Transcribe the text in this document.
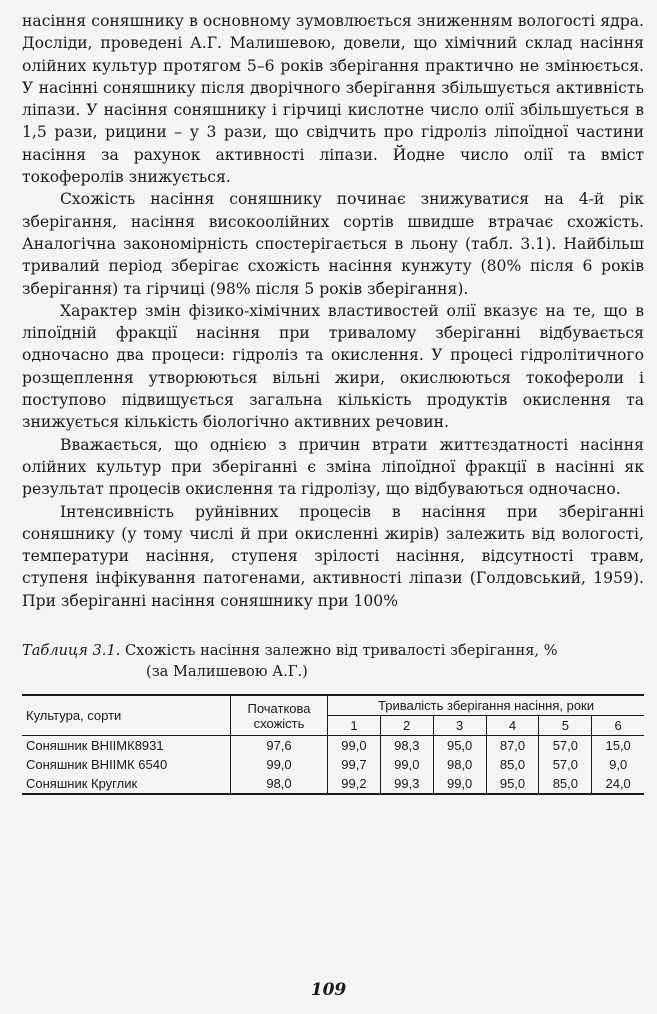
насіння соняшнику в основному зумовлюється зниженням вологості ядра. Досліди, проведені А.Г. Малишевою, довели, що хімічний склад насіння олійних культур протягом 5–6 років зберігання практично не змінюється. У насінні соняшнику після дворічного зберігання збільшується активність ліпази. У насіння соняшнику і гірчиці кислотне число олії збільшується в 1,5 рази, рицини – у 3 рази, що свідчить про гідроліз ліпоїдної частини насіння за рахунок активності ліпази. Йодне число олії та вміст токоферолів знижується.

Схожість насіння соняшнику починає знижуватися на 4-й рік зберігання, насіння високоолійних сортів швидше втрачає схожість. Аналогічна закономірність спостерігається в льону (табл. 3.1). Найбільш тривалий період зберігає схожість насіння кунжуту (80% після 6 років зберігання) та гірчиці (98% після 5 років зберігання).

Характер змін фізико-хімічних властивостей олії вказує на те, що в ліпоїдній фракції насіння при тривалому зберіганні відбувається одночасно два процеси: гідроліз та окислення. У процесі гідролітичного розщеплення утворюються вільні жири, окислюються токофероли і поступово підвищується загальна кількість продуктів окислення та знижується кількість біологічно активних речовин.

Вважається, що однією з причин втрати життєздатності насіння олійних культур при зберіганні є зміна ліпоїдної фракції в насінні як результат процесів окислення та гідролізу, що відбуваються одночасно.

Інтенсивність руйнівних процесів в насіння при зберіганні соняшнику (у тому числі й при окисленні жирів) залежить від вологості, температури насіння, ступеня зрілості насіння, відсутності травм, ступеня інфікування патогенами, активності ліпази (Голдовський, 1959). При зберіганні насіння соняшнику при 100%

Таблиця 3.1. Схожість насіння залежно від тривалості зберігання, %
(за Малишевою А.Г.)
Культура, сорти	Початкова схожість	Тривалість зберігання насіння, роки					
		1	2	3	4	5	6
Соняшник ВНІІМК8931	97,6	99,0	98,3	95,0	87,0	57,0	15,0
Соняшник ВНІІМК 6540	99,0	99,7	99,0	98,0	85,0	57,0	9,0
Соняшник Круглик	98,0	99,2	99,3	99,0	95,0	85,0	24,0
109
